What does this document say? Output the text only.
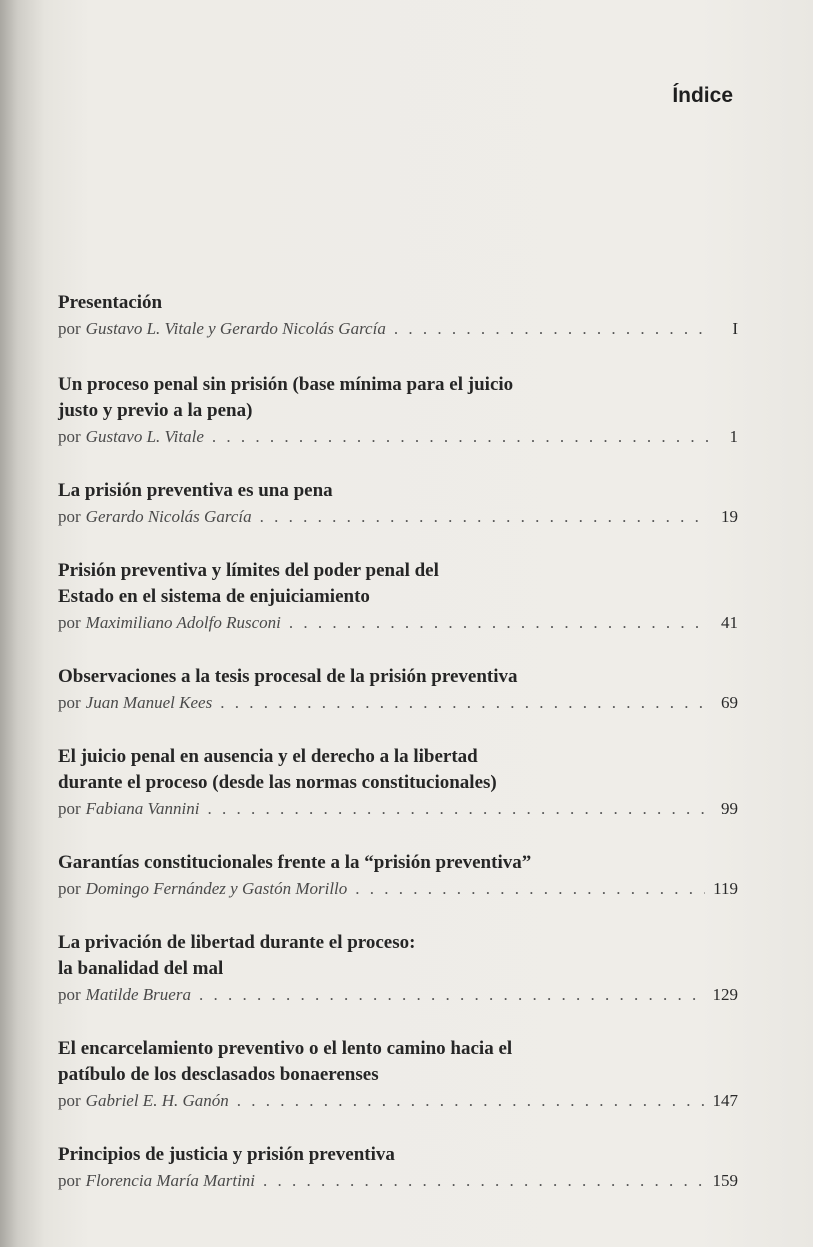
Índice
Presentación
por Gustavo L. Vitale y Gerardo Nicolás García . . .	I
Un proceso penal sin prisión (base mínima para el juicio
justo y previo a la pena)
por Gustavo L. Vitale . . .	1
La prisión preventiva es una pena
por Gerardo Nicolás García . . .	19
Prisión preventiva y límites del poder penal del
Estado en el sistema de enjuiciamiento
por Maximiliano Adolfo Rusconi . . .	41
Observaciones a la tesis procesal de la prisión preventiva
por Juan Manuel Kees . . .	69
El juicio penal en ausencia y el derecho a la libertad
durante el proceso (desde las normas constitucionales)
por Fabiana Vannini . . .	99
Garantías constitucionales frente a la “prisión preventiva”
por Domingo Fernández y Gastón Morillo . . .	119
La privación de libertad durante el proceso:
la banalidad del mal
por Matilde Bruera . . .	129
El encarcelamiento preventivo o el lento camino hacia el
patíbulo de los desclasados bonaerenses
por Gabriel E. H. Ganón . . .	147
Principios de justicia y prisión preventiva
por Florencia María Martini . . .	159
